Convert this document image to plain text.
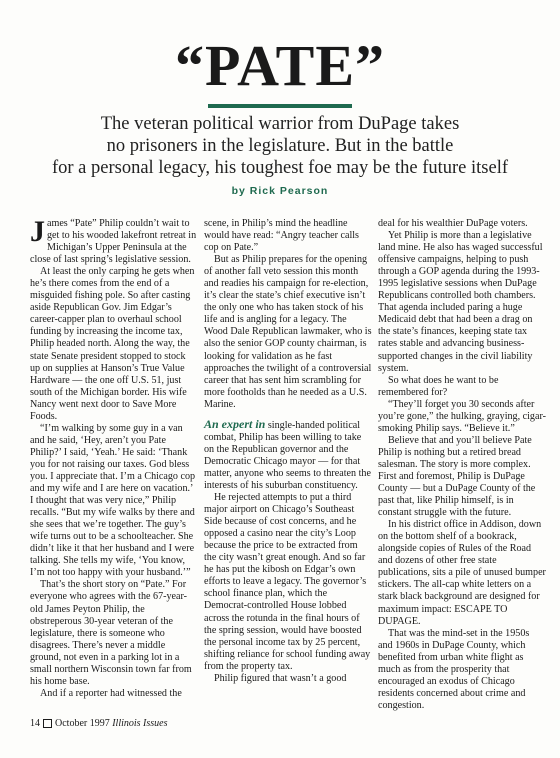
“PATE”
The veteran political warrior from DuPage takes
no prisoners in the legislature. But in the battle
for a personal legacy, his toughest foe may be the future itself
by Rick Pearson

James “Pate” Philip couldn’t wait to get to his wooded lakefront retreat in Michigan’s Upper Peninsula at the close of last spring’s legislative session.

At least the only carping he gets when he’s there comes from the end of a misguided fishing pole. So after casting aside Republican Gov. Jim Edgar’s career-capper plan to overhaul school funding by increasing the income tax, Philip headed north. Along the way, the state Senate president stopped to stock up on supplies at Hanson’s True Value Hardware — the one off U.S. 51, just south of the Michigan border. His wife Nancy went next door to Save More Foods.

“I’m walking by some guy in a van and he said, ‘Hey, aren’t you Pate Philip?’ I said, ‘Yeah.’ He said: ‘Thank you for not raising our taxes. God bless you. I appreciate that. I’m a Chicago cop and my wife and I are here on vacation.’ I thought that was very nice,” Philip recalls. “But my wife walks by there and she sees that we’re together. The guy’s wife turns out to be a schoolteacher. She didn’t like it that her husband and I were talking. She tells my wife, ‘You know, I’m not too happy with your husband.’”

That’s the short story on “Pate.” For everyone who agrees with the 67-year-old James Peyton Philip, the obstreperous 30-year veteran of the legislature, there is someone who disagrees. There’s never a middle ground, not even in a parking lot in a small northern Wisconsin town far from his home base.

And if a reporter had witnessed the

scene, in Philip’s mind the headline would have read: “Angry teacher calls cop on Pate.”

But as Philip prepares for the opening of another fall veto session this month and readies his campaign for re-election, it’s clear the state’s chief executive isn’t the only one who has taken stock of his life and is angling for a legacy. The Wood Dale Republican lawmaker, who is also the senior GOP county chairman, is looking for validation as he fast approaches the twilight of a controversial career that has sent him scrambling for more footholds than he needed as a U.S. Marine.

An expert in single-handed political combat, Philip has been willing to take on the Republican governor and the Democratic Chicago mayor — for that matter, anyone who seems to threaten the interests of his suburban constituency.

He rejected attempts to put a third major airport on Chicago’s Southeast Side because of cost concerns, and he opposed a casino near the city’s Loop because the price to be extracted from the city wasn’t great enough. And so far he has put the kibosh on Edgar’s own efforts to leave a legacy. The governor’s school finance plan, which the Democrat-controlled House lobbed across the rotunda in the final hours of the spring session, would have boosted the personal income tax by 25 percent, shifting reliance for school funding away from the property tax.

Philip figured that wasn’t a good

deal for his wealthier DuPage voters.

Yet Philip is more than a legislative land mine. He also has waged successful offensive campaigns, helping to push through a GOP agenda during the 1993-1995 legislative sessions when DuPage Republicans controlled both chambers. That agenda included paring a huge Medicaid debt that had been a drag on the state’s finances, keeping state tax rates stable and advancing business-supported changes in the civil liability system.

So what does he want to be remembered for?

“They’ll forget you 30 seconds after you’re gone,” the hulking, graying, cigar-smoking Philip says. “Believe it.”

Believe that and you’ll believe Pate Philip is nothing but a retired bread salesman. The story is more complex. First and foremost, Philip is DuPage County — but a DuPage County of the past that, like Philip himself, is in constant struggle with the future.

In his district office in Addison, down on the bottom shelf of a bookrack, alongside copies of Rules of the Road and dozens of other free state publications, sits a pile of unused bumper stickers. The all-cap white letters on a stark black background are designed for maximum impact: ESCAPE TO DUPAGE.

That was the mind-set in the 1950s and 1960s in DuPage County, which benefited from urban white flight as much as from the prosperity that encouraged an exodus of Chicago residents concerned about crime and congestion.

14 October 1997 Illinois Issues
